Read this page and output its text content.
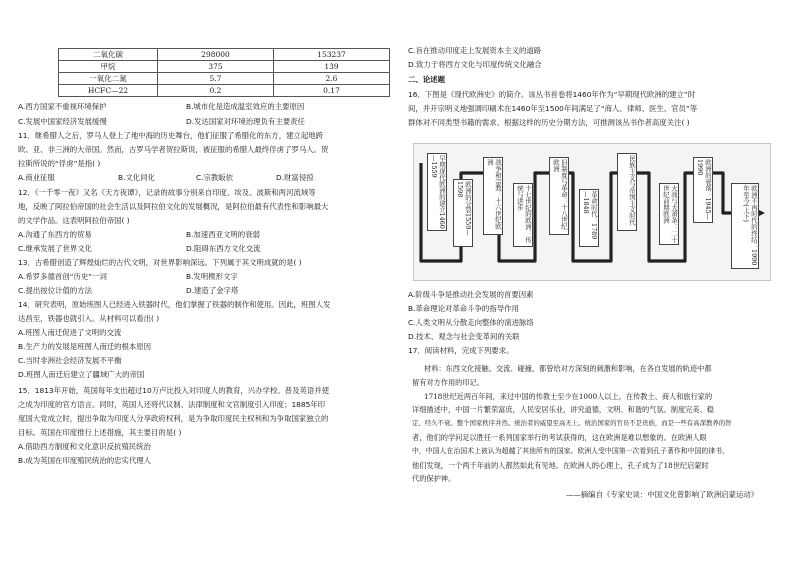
二氧化碳	298000	153237
甲烷	375	139
一氧化二氮	5.7	2.6
HCFC—22	0.2	0.17
A.西方国家不重视环境保护	B.城市化是造成温室效应的主要原因
C.发展中国家经济发展缓慢	D.发达国家对环境治理负有主要责任
11．继希腊人之后，罗马人登上了地中海的历史舞台，他们征服了希腊化的东方，建立起地跨
欧、亚、非三洲的大帝国。然而，古罗马学者贺拉斯说，被征服的希腊人最终俘虏了罗马人。贺
拉斯所说的“俘虏”是指( )
A.商业征服	B.文化同化	C.宗教皈依	D.财富侵掠
12．《一千零一夜》又名《天方夜谭》，记录的故事分别来自印度、埃及、波斯和两河流域等
地，反映了阿拉伯帝国的社会生活以及阿拉伯文化的发展概况，是阿拉伯最有代表性和影响最大
的文学作品。这表明阿拉伯帝国( )
A.沟通了东西方的贸易	B.加速西亚文明的衰弱
C.继承发展了世界文化	D.阻碍东西方文化交流
13．古希腊创造了辉煌灿烂的古代文明，对世界影响深远。下列属于其文明成就的是( )
A.希罗多德首创“历史”一词	B.发明楔形文字
C.提出按位计值的方法	D.建造了金字塔
14．研究表明，原始班图人已经进入铁器时代，他们掌握了铁器的制作和使用。因此，班图人发
达昌至，铁器也就引入。从材料可以看出( )
A.班图人南迁促进了文明的交流
B.生产力的发展是班图人南迁的根本原因
C.当时非洲社会经济发展不平衡
D.班图人南迁后建立了疆域广大的帝国
15．1813年开始，英国每年支出超过10万卢比投入对印度人的教育，兴办学校、普及英语并使
之成为印度的官方语言。同时，英国人还将代议制、法律制度和文官制度引入印度；1885年印
度国大党成立时，提出争取为印度人分享政府权利，是为争取印度民主权利和为争取国家独立的
目标。英国在印度推行上述措施，其主要目的是( )
A.借助西方制度和文化意识反抗殖民统治
B.成为英国在印度殖民统治的忠实代理人
C.旨在推动印度走上发展资本主义的道路
D.致力于将西方文化与印度传统文化融合
二、论述题
16．下图是《现代欧洲史》的简介。该丛书首卷将1460年作为“早期现代欧洲的建立”时
间，并开宗明义地强调印刷术在1460年至1500年间满足了“商人、律师、医生、官员”等
群体对不同类型书籍的需求。根据这样的历史分期方法，可推测该丛书作者高度关注( )
早期现代欧洲的建立1460—1559
欧洲的分裂1559—1598	战争和宗教：十六世纪欧洲
十七世纪的欧洲：传统与进步	旧制度与革命：十八世纪欧洲
革命时代：1789—1848	民族主义与帝国主义时代	大战与大萧条：二十世纪前期欧洲	欧洲的衰落：1945—1990
欧洲不再时代的终结：1990年至今(上下)
A.阶级斗争是推动社会发展的首要因素
B.革命理论对革命斗争的指导作用
C.人类文明从分散走向整体的演进脉络
D.技术、观念与社会变革间的关联
17．阅读材料，完成下列要求。

材料：东西文化接触、交流、碰撞，都曾给对方深刻的刺激和影响，在各自发展的轨迹中都

留有对方作用的印记。

1718世纪近两百年间，来过中国的传教士至少在1000人以上，在传教士、商人和旅行家的

详细描述中，中国一片繁荣富庶，人民安居乐业，讲究道德，文明、和谐的气氛。制度完美、稳

定、经久不衰。整个国家秩序井然。统治者的威望至高无上。统治国家的官员不是贵族，而是一些有高深教养的智

者，他们的学问足以胜任一系列国家举行的考试获得的，这在欧洲是难以想象的。在欧洲人眼

中，中国人在治国术上被认为超越了其他所有的国家。欧洲人受中国第一次看到孔子著作和中国的律书，

他们发现，一个两千年前的人都然如此有见地。在欧洲人的心理上，孔子成为了18世纪启蒙时

代的保护神。

——摘编自《专家史谈：中国文化曾影响了欧洲启蒙运动》
